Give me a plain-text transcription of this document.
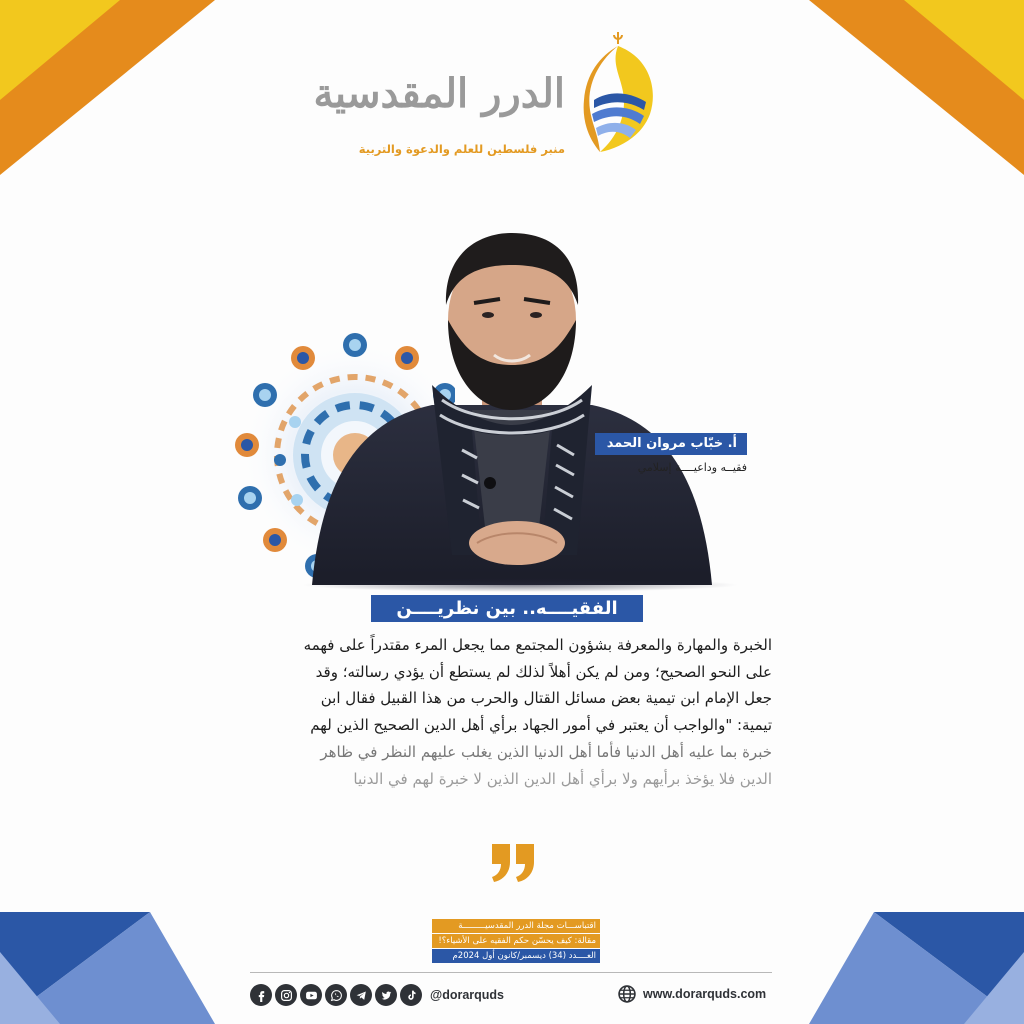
الدرر المقدسية
منبر فلسطين للعلم والدعوة والتربية
أ. خبّاب مروان الحمد
فقيــه وداعيــــة إسلامي
الفقيــــه.. بين نظريــــن
الخبرة والمهارة والمعرفة بشؤون المجتمع مما يجعل المرء مقتدراً على فهمه
على النحو الصحيح؛ ومن لم يكن أهلاً لذلك لم يستطع أن يؤدي رسالته؛ وقد
جعل الإمام ابن تيمية بعض مسائل القتال والحرب من هذا القبيل فقال ابن
تيمية: "والواجب أن يعتبر في أمور الجهاد برأي أهل الدين الصحيح الذين لهم
خبرة بما عليه أهل الدنيا فأما أهل الدنيا الذين يغلب عليهم النظر في ظاهر
الدين فلا يؤخذ برأيهم ولا برأي أهل الدين الذين لا خبرة لهم في الدنيا
اقتباســـات مجلة الدرر المقدسيـــــــــة
مقالة: كيف يحسّن حكم الفقيه على الأشياء؟!
العــــدد (34) ديسمبر/كانون أول 2024م
@dorarquds	www.dorarquds.com
